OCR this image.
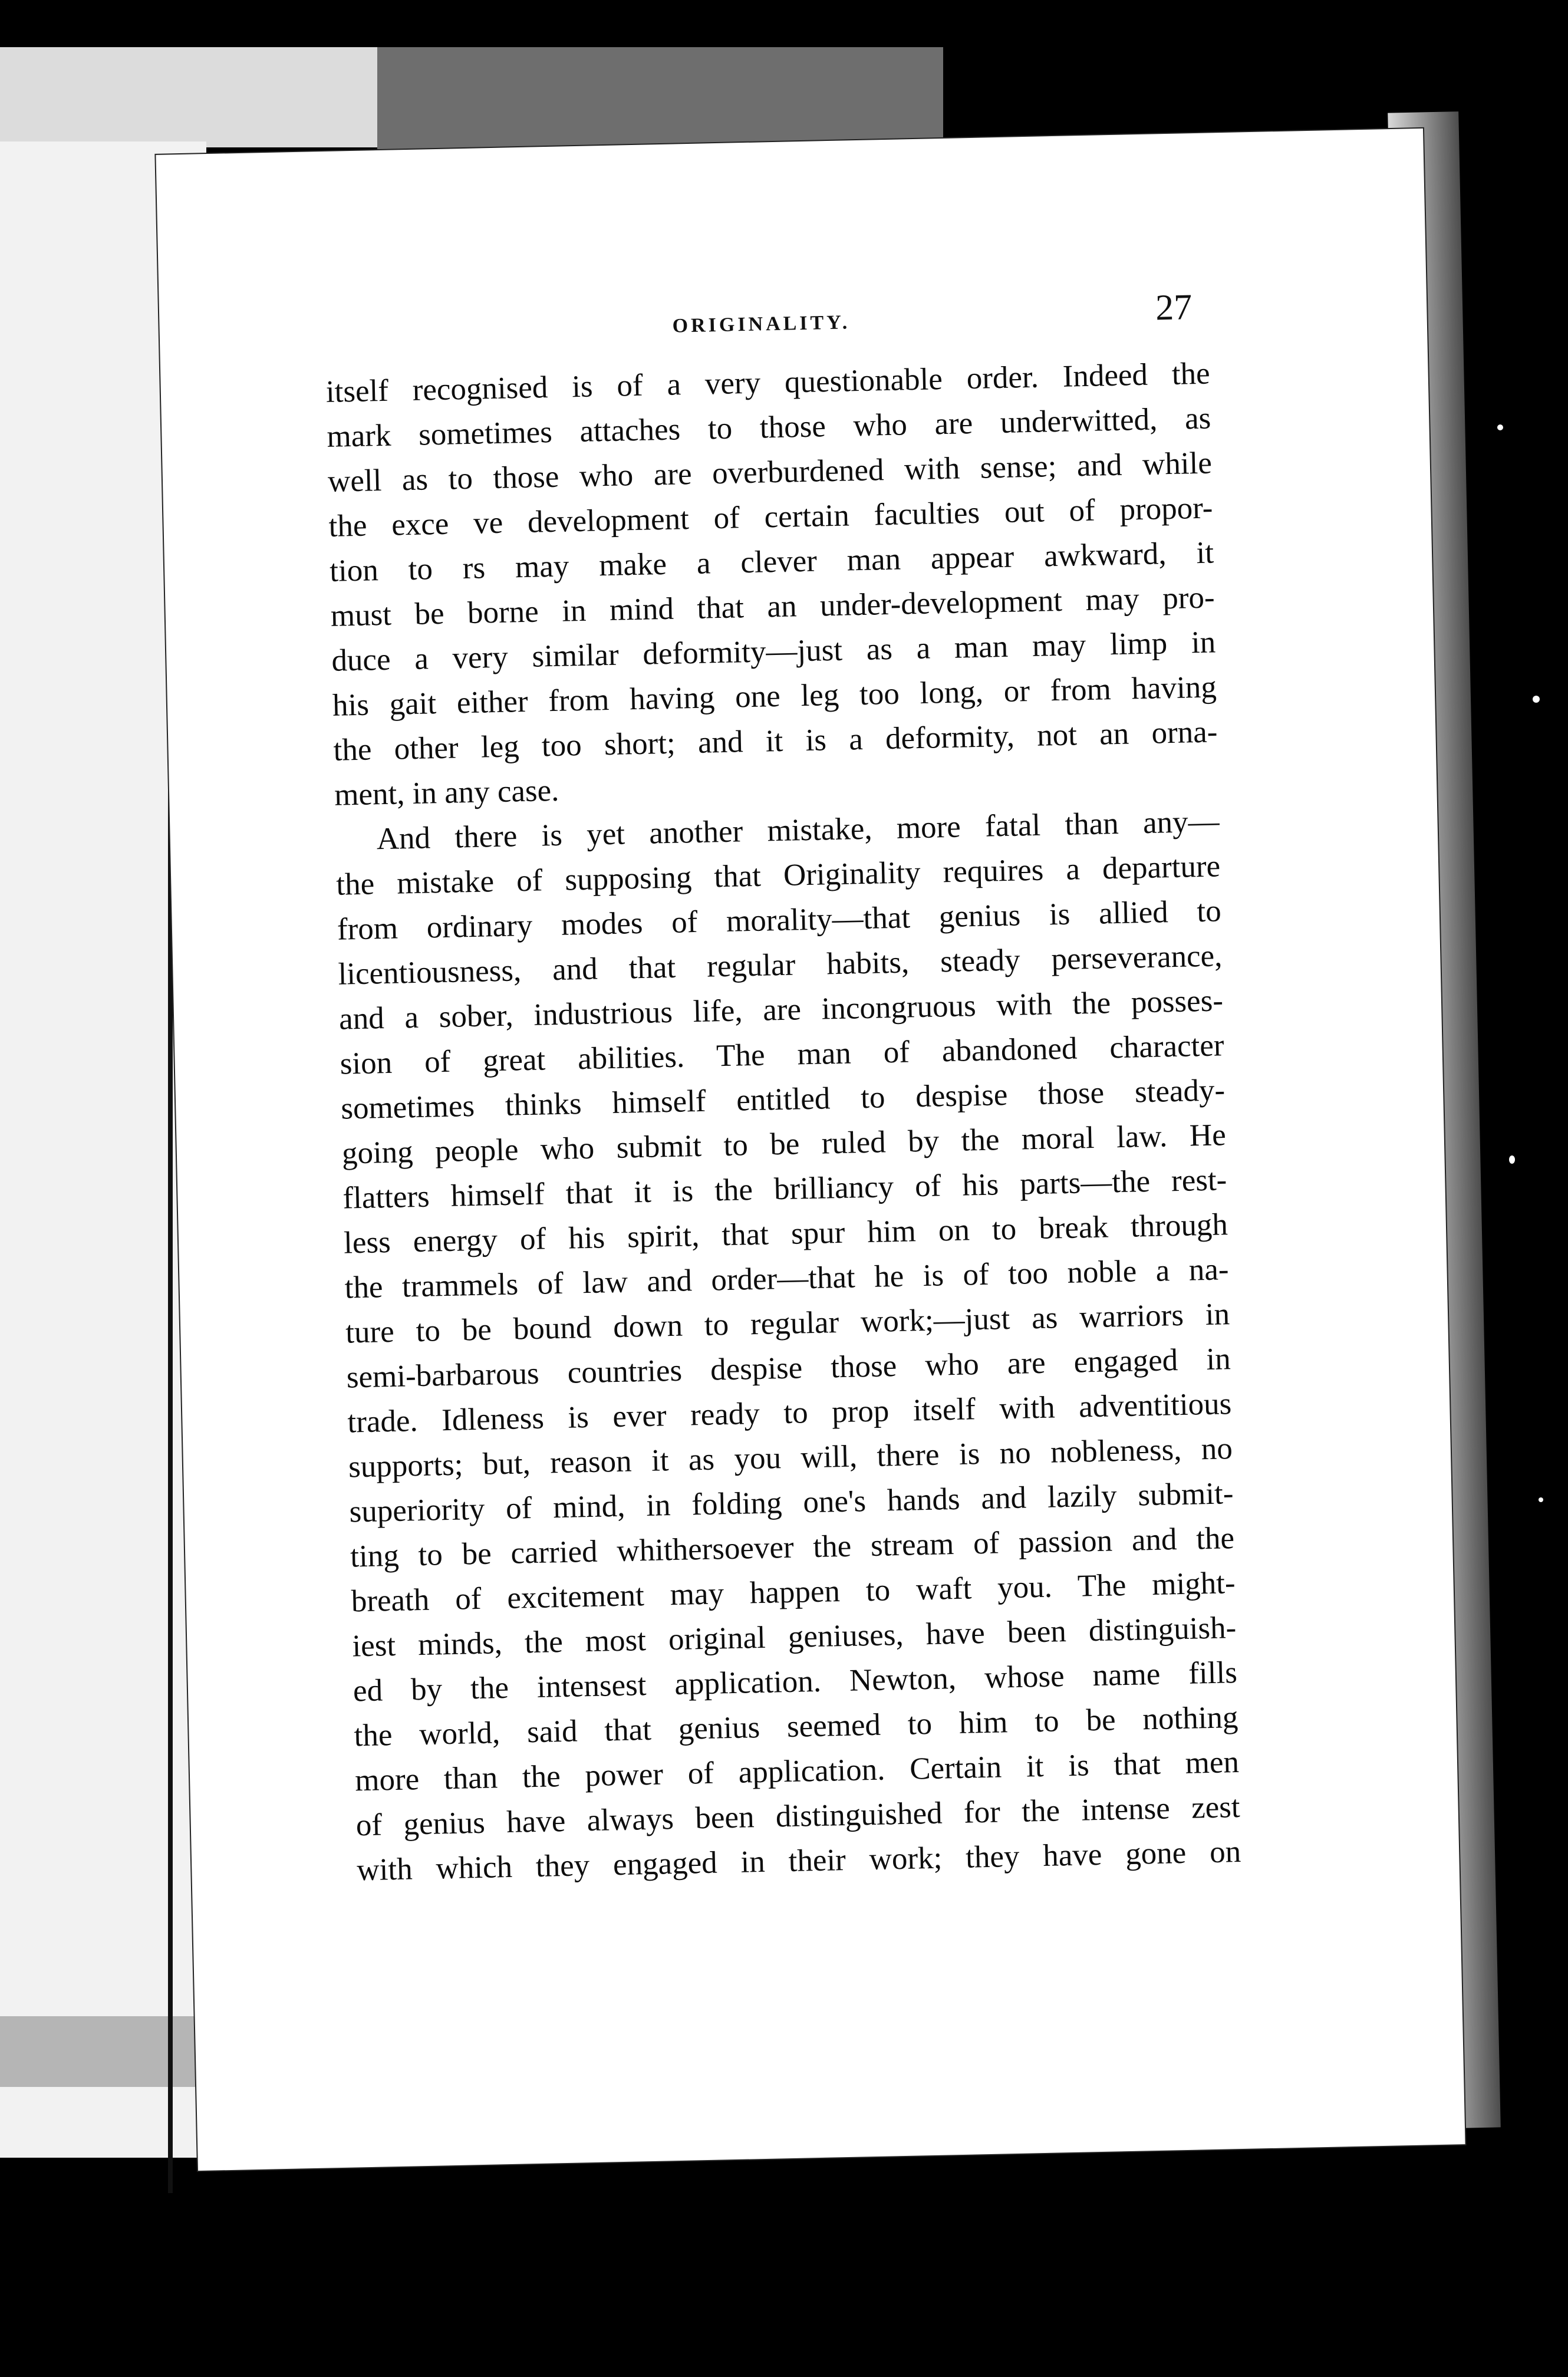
ORIGINALITY.	27
itself recognised is of a very questionable order. Indeed the
mark sometimes attaches to those who are underwitted, as
well as to those who are overburdened with sense; and while
the exce ve development of certain faculties out of propor-
tion to rs may make a clever man appear awkward, it
must be borne in mind that an under-development may pro-
duce a very similar deformity—just as a man may limp in
his gait either from having one leg too long, or from having
the other leg too short; and it is a deformity, not an orna-
ment, in any case.
And there is yet another mistake, more fatal than any—
the mistake of supposing that Originality requires a departure
from ordinary modes of morality—that genius is allied to
licentiousness, and that regular habits, steady perseverance,
and a sober, industrious life, are incongruous with the posses-
sion of great abilities. The man of abandoned character
sometimes thinks himself entitled to despise those steady-
going people who submit to be ruled by the moral law. He
flatters himself that it is the brilliancy of his parts—the rest-
less energy of his spirit, that spur him on to break through
the trammels of law and order—that he is of too noble a na-
ture to be bound down to regular work;—just as warriors in
semi-barbarous countries despise those who are engaged in
trade. Idleness is ever ready to prop itself with adventitious
supports; but, reason it as you will, there is no nobleness, no
superiority of mind, in folding one's hands and lazily submit-
ting to be carried whithersoever the stream of passion and the
breath of excitement may happen to waft you. The might-
iest minds, the most original geniuses, have been distinguish-
ed by the intensest application. Newton, whose name fills
the world, said that genius seemed to him to be nothing
more than the power of application. Certain it is that men
of genius have always been distinguished for the intense zest
with which they engaged in their work; they have gone on
